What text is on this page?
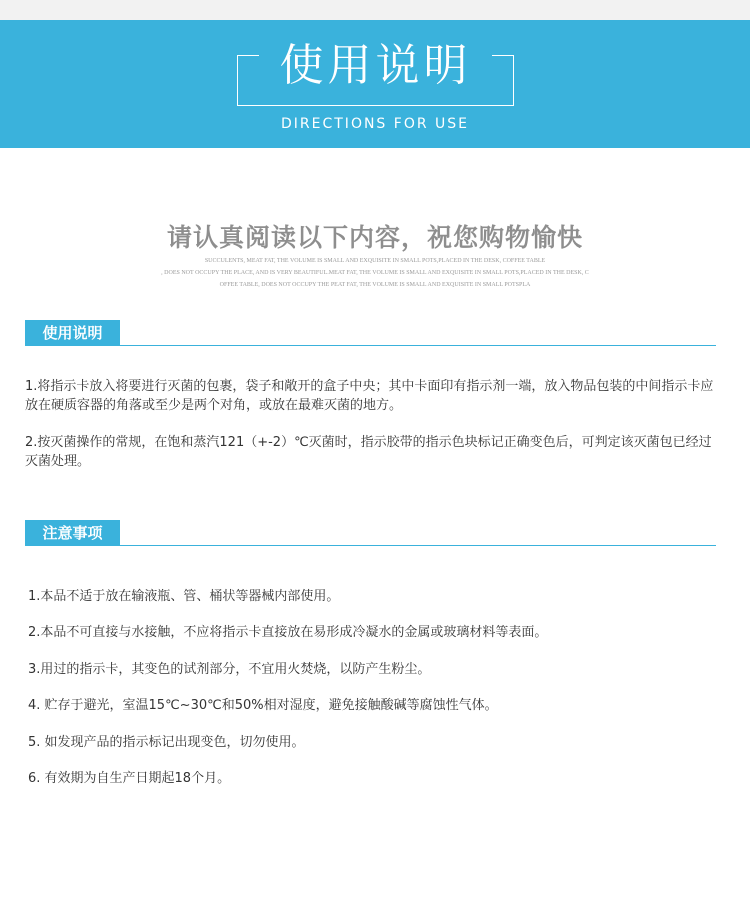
使用说明
DIRECTIONS FOR USE
请认真阅读以下内容，祝您购物愉快
SUCCULENTS, MEAT FAT, THE VOLUME IS SMALL AND EXQUISITE IN SMALL POTS,PLACED IN THE DESK, COFFEE TABLE
, DOES NOT OCCUPY THE PLACE, AND IS VERY BEAUTIFUL.MEAT FAT, THE VOLUME IS SMALL AND EXQUISITE IN SMALL POTS,PLACED IN THE DESK, C
OFFEE TABLE, DOES NOT OCCUPY THE PEAT FAT, THE VOLUME IS SMALL AND EXQUISITE IN SMALL POTSPLA
使用说明
1.将指示卡放入将要进行灭菌的包裹，袋子和敞开的盒子中央；其中卡面印有指示剂一端，放入物品包装的中间指示卡应放在硬质容器的角落或至少是两个对角，或放在最难灭菌的地方。
2.按灭菌操作的常规，在饱和蒸汽121（+-2）℃灭菌时，指示胶带的指示色块标记正确变色后，可判定该灭菌包已经过灭菌处理。
注意事项
1.本品不适于放在输液瓶、管、桶状等器械内部使用。
2.本品不可直接与水接触，不应将指示卡直接放在易形成冷凝水的金属或玻璃材料等表面。
3.用过的指示卡，其变色的试剂部分，不宜用火焚烧，以防产生粉尘。
4. 贮存于避光，室温15℃~30℃和50%相对湿度，避免接触酸碱等腐蚀性气体。
5. 如发现产品的指示标记出现变色，切勿使用。
6. 有效期为自生产日期起18个月。
